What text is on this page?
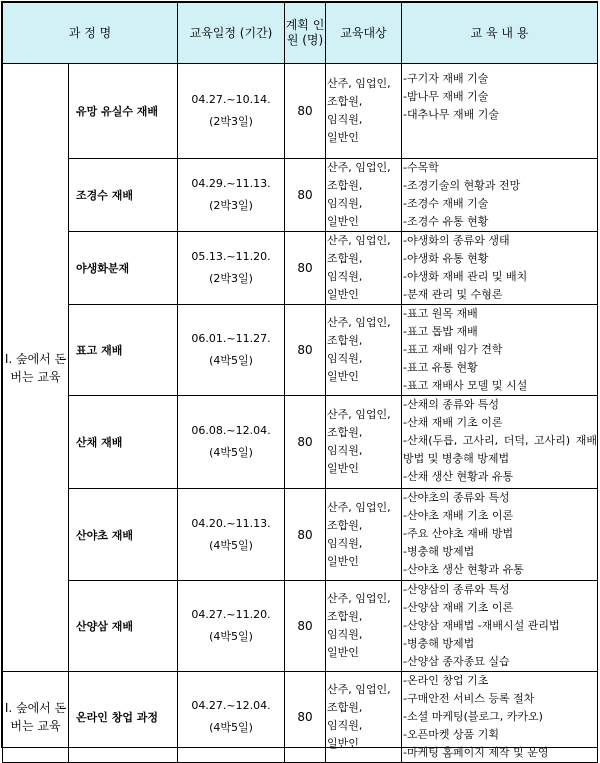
과 정 명		교육일정 (기간)	계획 인원 (명)	교육대상	교 육 내 용
Ⅰ. 숲에서 돈 버는 교육	유망 유실수 재배	04.27.~10.14.
(2박3일)	80	산주, 임업인,
조합원,
임직원,
일반인	-구기자 재배 기술
-밤나무 재배 기술
-대추나무 재배 기술

	조경수 재배	04.29.~11.13.
(2박3일)	80	산주, 임업인,
조합원,
임직원,
일반인	-수목학
-조경기술의 현황과 전망
-조경수 재배 기술
-조경수 유통 현황

	야생화분재	05.13.~11.20.
(2박3일)	80	산주, 임업인,
조합원,
임직원,
일반인	-야생화의 종류와 생태
-야생화 유통 현황
-야생화 재배 관리 및 배치
-분재 관리 및 수형론

	표고 재배	06.01.~11.27.
(4박5일)	80	산주, 임업인,
조합원,
임직원,
일반인	-표고 원목 재배
-표고 톱밥 재배
-표고 재배 임가 견학
-표고 유통 현황
-표고 재배사 모델 및 시설

	산채 재배	06.08.~12.04.
(4박5일)	80	산주, 임업인,
조합원,
임직원,
일반인	-산채의 종류와 특성
-산채 재배 기초 이론
-산채(두릅, 고사리, 더덕, 고사리) 재배 방법 및 병충해 방제법
-산채 생산 현황과 유통

	산야초 재배	04.20.~11.13.
(4박5일)	80	산주, 임업인,
조합원,
임직원,
일반인	-산야초의 종류와 특성
-산야초 재배 기초 이론
-주요 산야초 재배 방법
-병충해 방제법
-산야초 생산 현황과 유통

	산양삼 재배	04.27.~11.20.
(4박5일)	80	산주, 임업인,
조합원,
임직원,
일반인	-산양삼의 종류와 특성
-산양삼 재배 기초 이론
-산양삼 재배법 -재배시설 관리법
-병충해 방제법
-산양삼 종자종묘 실습

Ⅰ. 숲에서 돈 버는 교육	온라인 창업 과정	04.27.~12.04.
(4박5일)	80	산주, 임업인,
조합원,
임직원,
일반인	-온라인 창업 기초
-구매안전 서비스 등록 절차
-소셜 마케팅(블로그, 카카오)
-오픈마켓 상품 기획
-마케팅 홈페이지 제작 및 운영
